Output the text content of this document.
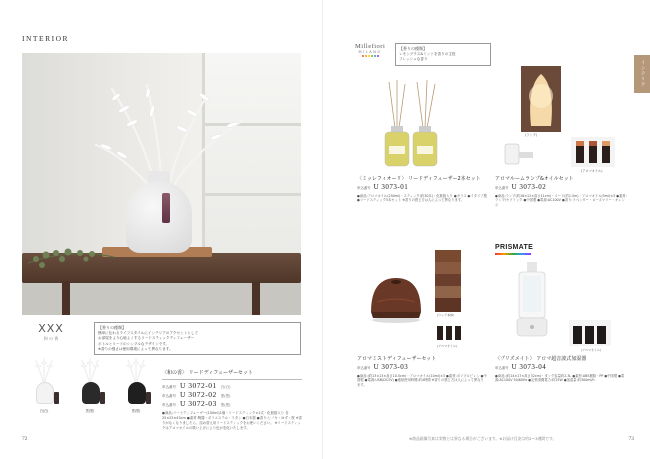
INTERIOR
ХХХ
和 の 香
【香りの種類】
簡単に伝わるライフスタイルにインテリアのアクセントとして
お部屋をより心地よくするリードスティックディフューザー
ボトルとリードのシンプルなデザインです。
※香りの強さは使用環境によって異なります。
白(白)	黒(黒)	黒(黒)
〈和の香〉 リードディフューザーセット
申込番号 U 3072-01 白(白)
申込番号 U 3072-02 黒(黒)
申込番号 U 3072-03 黒(黒)
●商品:リードディフューザー(100ml)1個・リードスティック×1式・化粧箱入り 各25×25×43cm ●素材:陶器・ポリエステル・ラタン ●日本製 ●香り:ヒノキ・ゆず・桜 ※香りがなくなりましたら、詰め替え用リードスティックをお使いください。 ※リードスティックはアロマオイルの吸い上げにより色が変化いたします。
72
インテリア
Millefiori
MILANO
【香りの種類】
レモングラス&ミントを香りの主役
フレッシュな香り
〈ミッレフィオーリ〉 リードディフューザー2本セット
申込番号 U 3073-01
●商品:アロマオイル(250ml)・スティック(約30本)・化粧箱入り ●ガラス ●イタリア製 ●リードスティック5本セット ※香りの感じ方は人によって異なります。
(ランプ)
(アロマオイル)
アロマルームランプ&オイルセット
申込番号 U 3073-02
●商品:ランプ(約16×12×高さ11cm)・コード(約1.5m)・アロマオイル(5ml)×3 ●素材:ランプ/セラミック ●中国製 ●電源:AC100V ●香り:ラベンダー・ローズマリー・オレンジ
(ウッド本体)
(アロマオイル)
アロマミストディフューザーセット
申込番号 U 3073-03
●商品:(約13×13×高さ10.5cm)・アロマオイル(10ml)×3 ●素材:ポリプロピレン ●中国製 ●電源:USB(DC5V) ●連続使用時間:約4時間 ※香りの感じ方は人によって異なります。
PRISMATE
(アロマオイル)
〈プリズメイト〉 アロマ超音波式加湿器
申込番号 U 3073-04
●商品:(約14×17×高さ32cm)・タンク容量約2.3L ●素材:ABS樹脂・PP ●中国製 ●電源:AC100V 50/60Hz ●定格消費電力:約25W ●加湿量:約300ml/h
※商品画像写真は実物とは異なる場合がございます。※お届け目安は約2〜3週間です。	73
